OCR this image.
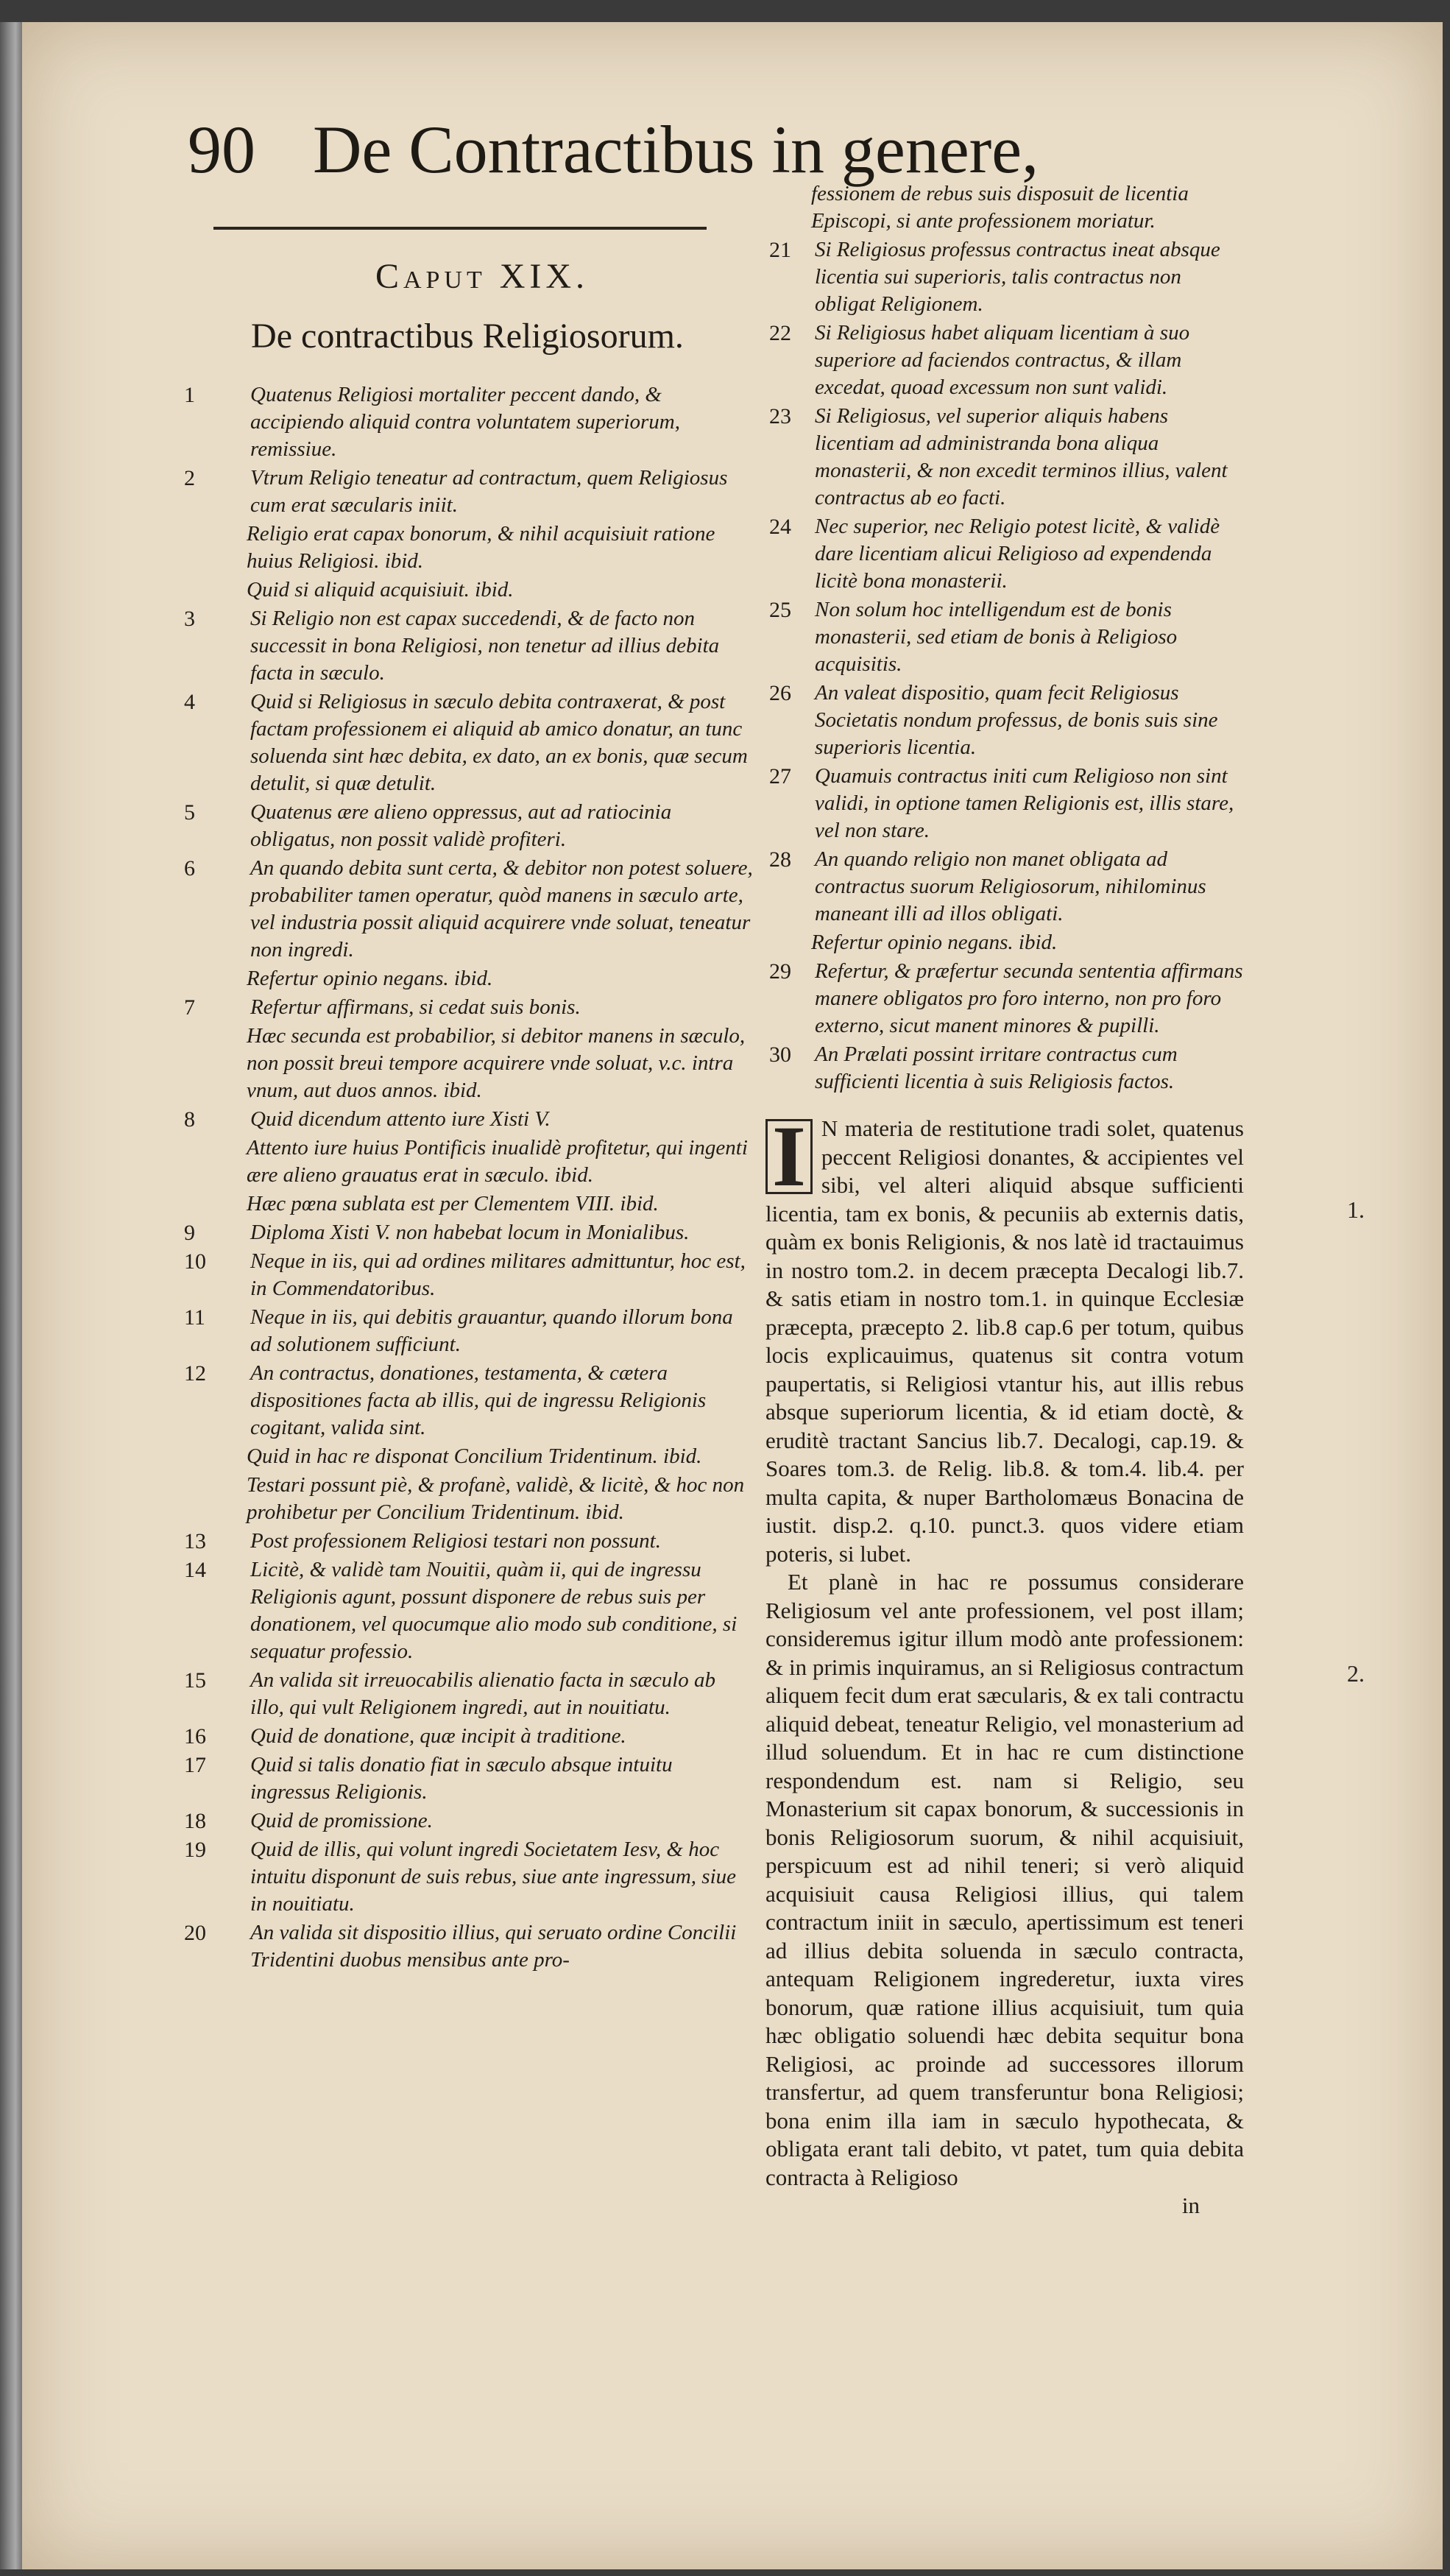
90 De Contractibus in genere,
Caput XIX.
De contractibus Religiosorum.
1	Quatenus Religiosi mortaliter peccent dando, & accipiendo aliquid contra voluntatem superiorum, remissiue.
2	Vtrum Religio teneatur ad contractum, quem Religiosus cum erat sæcularis iniit.
Religio erat capax bonorum, & nihil acquisiuit ratione huius Religiosi. ibid.
Quid si aliquid acquisiuit. ibid.
3	Si Religio non est capax succedendi, & de facto non successit in bona Religiosi, non tenetur ad illius debita facta in sæculo.
4	Quid si Religiosus in sæculo debita contraxerat, & post factam professionem ei aliquid ab amico donatur, an tunc soluenda sint hæc debita, ex dato, an ex bonis, quæ secum detulit, si quæ detulit.
5	Quatenus ære alieno oppressus, aut ad ratiocinia obligatus, non possit validè profiteri.
6	An quando debita sunt certa, & debitor non potest soluere, probabiliter tamen operatur, quòd manens in sæculo arte, vel industria possit aliquid acquirere vnde soluat, teneatur non ingredi.
Refertur opinio negans. ibid.
7	Refertur affirmans, si cedat suis bonis.
Hæc secunda est probabilior, si debitor manens in sæculo, non possit breui tempore acquirere vnde soluat, v.c. intra vnum, aut duos annos. ibid.
8	Quid dicendum attento iure Xisti V.
Attento iure huius Pontificis inualidè profitetur, qui ingenti ære alieno grauatus erat in sæculo. ibid.
Hæc pœna sublata est per Clementem VIII. ibid.
9	Diploma Xisti V. non habebat locum in Monialibus.
10	Neque in iis, qui ad ordines militares admittuntur, hoc est, in Commendatoribus.
11	Neque in iis, qui debitis grauantur, quando illorum bona ad solutionem sufficiunt.
12	An contractus, donationes, testamenta, & cætera dispositiones facta ab illis, qui de ingressu Religionis cogitant, valida sint.
Quid in hac re disponat Concilium Tridentinum. ibid.
Testari possunt piè, & profanè, validè, & licitè, & hoc non prohibetur per Concilium Tridentinum. ibid.
13	Post professionem Religiosi testari non possunt.
14	Licitè, & validè tam Nouitii, quàm ii, qui de ingressu Religionis agunt, possunt disponere de rebus suis per donationem, vel quocumque alio modo sub conditione, si sequatur professio.
15	An valida sit irreuocabilis alienatio facta in sæculo ab illo, qui vult Religionem ingredi, aut in nouitiatu.
16	Quid de donatione, quæ incipit à traditione.
17	Quid si talis donatio fiat in sæculo absque intuitu ingressus Religionis.
18	Quid de promissione.
19	Quid de illis, qui volunt ingredi Societatem Iesv, & hoc intuitu disponunt de suis rebus, siue ante ingressum, siue in nouitiatu.
20	An valida sit dispositio illius, qui seruato ordine Concilii Tridentini duobus mensibus ante pro-
fessionem de rebus suis disposuit de licentia Episcopi, si ante professionem moriatur.
21	Si Religiosus professus contractus ineat absque licentia sui superioris, talis contractus non obligat Religionem.
22	Si Religiosus habet aliquam licentiam à suo superiore ad faciendos contractus, & illam excedat, quoad excessum non sunt validi.
23	Si Religiosus, vel superior aliquis habens licentiam ad administranda bona aliqua monasterii, & non excedit terminos illius, valent contractus ab eo facti.
24	Nec superior, nec Religio potest licitè, & validè dare licentiam alicui Religioso ad expendenda licitè bona monasterii.
25	Non solum hoc intelligendum est de bonis monasterii, sed etiam de bonis à Religioso acquisitis.
26	An valeat dispositio, quam fecit Religiosus Societatis nondum professus, de bonis suis sine superioris licentia.
27	Quamuis contractus initi cum Religioso non sint validi, in optione tamen Religionis est, illis stare, vel non stare.
28	An quando religio non manet obligata ad contractus suorum Religiosorum, nihilominus maneant illi ad illos obligati.
Refertur opinio negans. ibid.
29	Refertur, & præfertur secunda sententia affirmans manere obligatos pro foro interno, non pro foro externo, sicut manent minores & pupilli.
30	An Prælati possint irritare contractus cum sufficienti licentia à suis Religiosis factos.

I N materia de restitutione tradi solet, quatenus peccent Religiosi donantes, & accipientes vel sibi, vel alteri aliquid absque sufficienti licentia, tam ex bonis, & pecuniis ab externis datis, quàm ex bonis Religionis, & nos latè id tractauimus in nostro tom.2. in decem præcepta Decalogi lib.7. & satis etiam in nostro tom.1. in quinque Ecclesiæ præcepta, præcepto 2. lib.8 cap.6 per totum, quibus locis explicauimus, quatenus sit contra votum paupertatis, si Religiosi vtantur his, aut illis rebus absque superiorum licentia, & id etiam doctè, & eruditè tractant Sancius lib.7. Decalogi, cap.19. & Soares tom.3. de Relig. lib.8. & tom.4. lib.4. per multa capita, & nuper Bartholomæus Bonacina de iustit. disp.2. q.10. punct.3. quos videre etiam poteris, si lubet.

Et planè in hac re possumus considerare Religiosum vel ante professionem, vel post illam; consideremus igitur illum modò ante professionem: & in primis inquiramus, an si Religiosus contractum aliquem fecit dum erat sæcularis, & ex tali contractu aliquid debeat, teneatur Religio, vel monasterium ad illud soluendum. Et in hac re cum distinctione respondendum est. nam si Religio, seu Monasterium sit capax bonorum, & successionis in bonis Religiosorum suorum, & nihil acquisiuit, perspicuum est ad nihil teneri; si verò aliquid acquisiuit causa Religiosi illius, qui talem contractum iniit in sæculo, apertissimum est teneri ad illius debita soluenda in sæculo contracta, antequam Religionem ingrederetur, iuxta vires bonorum, quæ ratione illius acquisiuit, tum quia hæc obligatio soluendi hæc debita sequitur bona Religiosi, ac proinde ad successores illorum transfertur, ad quem transferuntur bona Religiosi; bona enim illa iam in sæculo hypothecata, & obligata erant tali debito, vt patet, tum quia debita contracta à Religioso

in
1.
2.
